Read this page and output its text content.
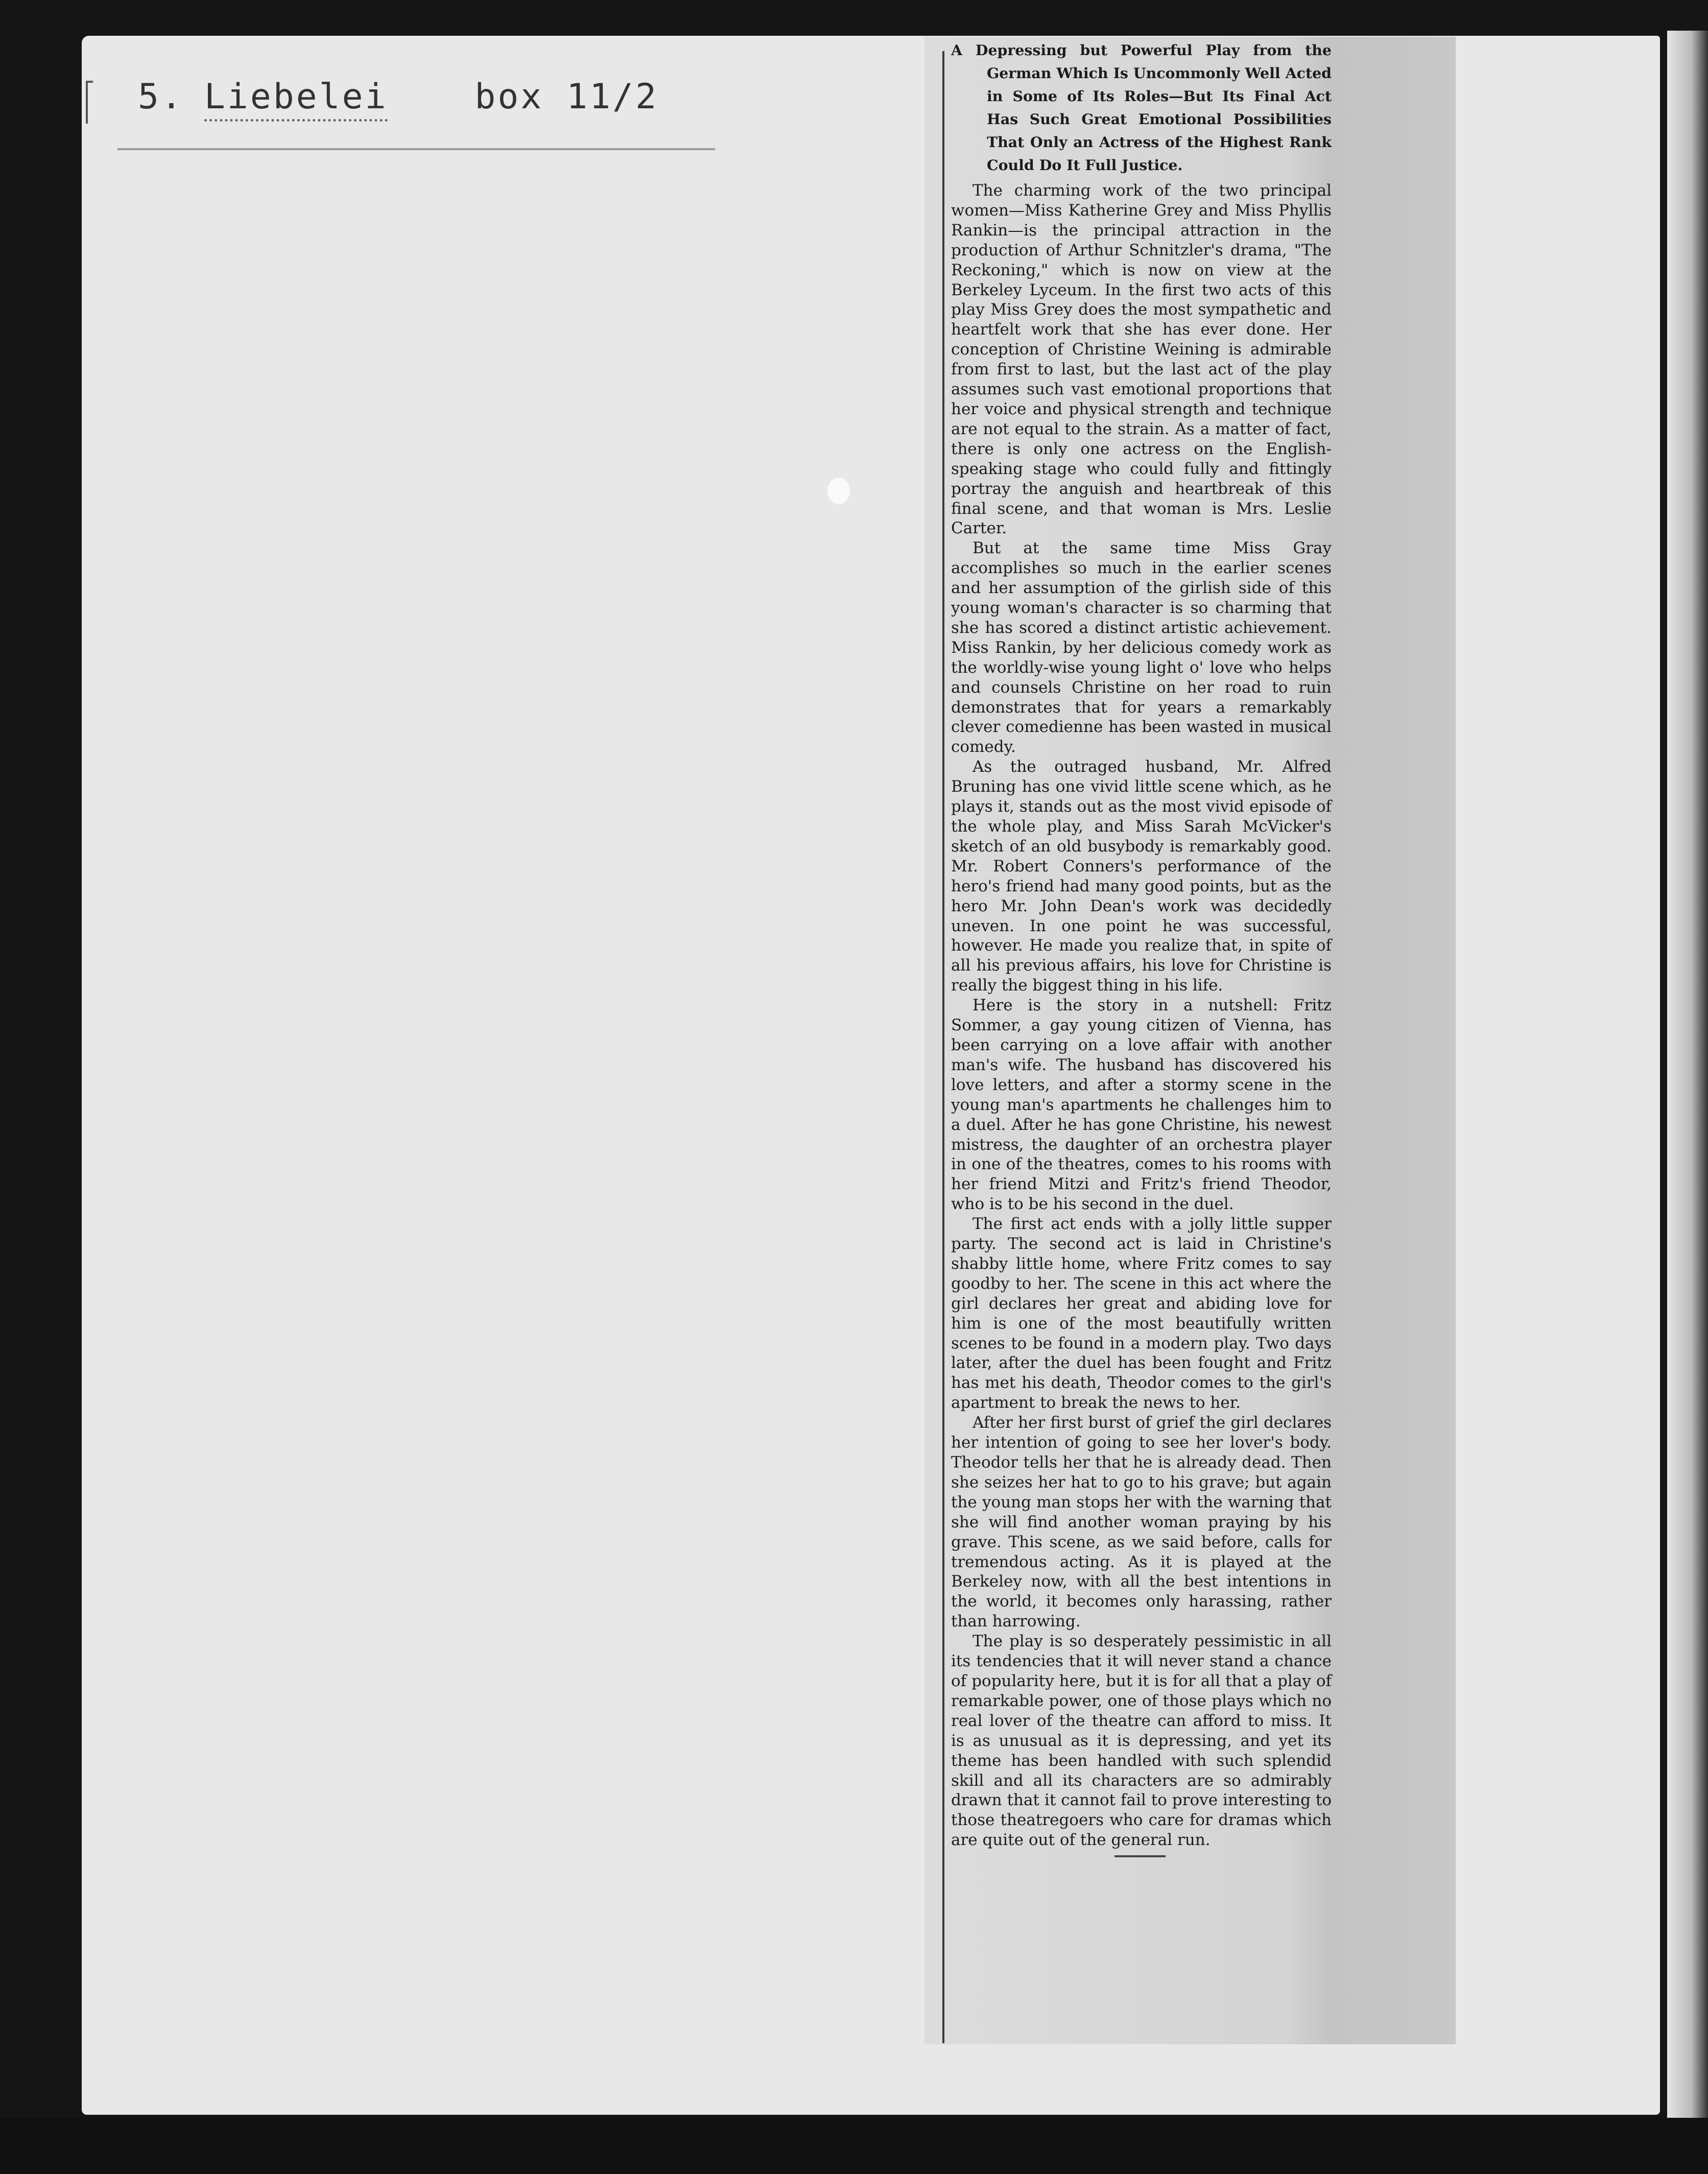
5. Liebelei	box 11/2

A Depressing but Powerful Play from the German Which Is Uncommonly Well Acted in Some of Its Roles—But Its Final Act Has Such Great Emotional Possibilities That Only an Actress of the Highest Rank Could Do It Full Justice.

The charming work of the two principal women—Miss Katherine Grey and Miss Phyllis Rankin—is the principal attraction in the production of Arthur Schnitzler's drama, "The Reckoning," which is now on view at the Berkeley Lyceum. In the first two acts of this play Miss Grey does the most sympathetic and heartfelt work that she has ever done. Her conception of Christine Weining is admirable from first to last, but the last act of the play assumes such vast emotional proportions that her voice and physical strength and technique are not equal to the strain. As a matter of fact, there is only one actress on the English-speaking stage who could fully and fittingly portray the anguish and heartbreak of this final scene, and that woman is Mrs. Leslie Carter.

But at the same time Miss Gray accomplishes so much in the earlier scenes and her assumption of the girlish side of this young woman's character is so charming that she has scored a distinct artistic achievement. Miss Rankin, by her delicious comedy work as the worldly-wise young light o' love who helps and counsels Christine on her road to ruin demonstrates that for years a remarkably clever comedienne has been wasted in musical comedy.

As the outraged husband, Mr. Alfred Bruning has one vivid little scene which, as he plays it, stands out as the most vivid episode of the whole play, and Miss Sarah McVicker's sketch of an old busybody is remarkably good. Mr. Robert Conners's performance of the hero's friend had many good points, but as the hero Mr. John Dean's work was decidedly uneven. In one point he was successful, however. He made you realize that, in spite of all his previous affairs, his love for Christine is really the biggest thing in his life.

Here is the story in a nutshell: Fritz Sommer, a gay young citizen of Vienna, has been carrying on a love affair with another man's wife. The husband has discovered his love letters, and after a stormy scene in the young man's apartments he challenges him to a duel. After he has gone Christine, his newest mistress, the daughter of an orchestra player in one of the theatres, comes to his rooms with her friend Mitzi and Fritz's friend Theodor, who is to be his second in the duel.

The first act ends with a jolly little supper party. The second act is laid in Christine's shabby little home, where Fritz comes to say goodby to her. The scene in this act where the girl declares her great and abiding love for him is one of the most beautifully written scenes to be found in a modern play. Two days later, after the duel has been fought and Fritz has met his death, Theodor comes to the girl's apartment to break the news to her.

After her first burst of grief the girl declares her intention of going to see her lover's body. Theodor tells her that he is already dead. Then she seizes her hat to go to his grave; but again the young man stops her with the warning that she will find another woman praying by his grave. This scene, as we said before, calls for tremendous acting. As it is played at the Berkeley now, with all the best intentions in the world, it becomes only harassing, rather than harrowing.

The play is so desperately pessimistic in all its tendencies that it will never stand a chance of popularity here, but it is for all that a play of remarkable power, one of those plays which no real lover of the theatre can afford to miss. It is as unusual as it is depressing, and yet its theme has been handled with such splendid skill and all its characters are so admirably drawn that it cannot fail to prove interesting to those theatregoers who care for dramas which are quite out of the general run.
